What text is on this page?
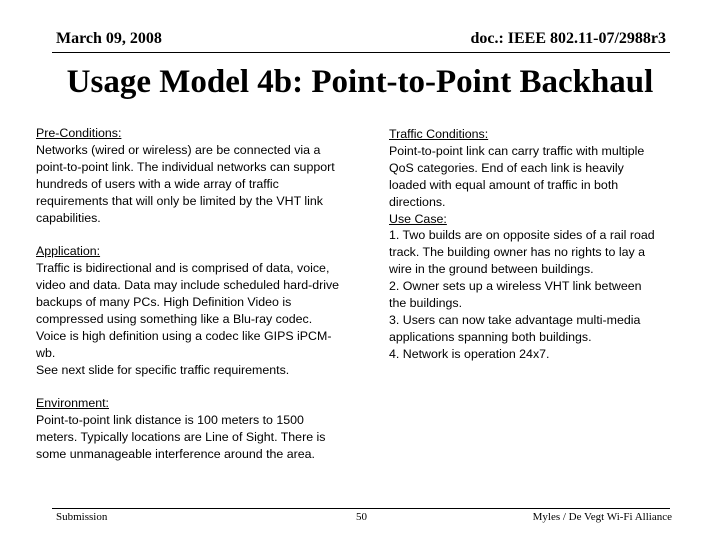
March 09, 2008	doc.: IEEE 802.11-07/2988r3
Usage Model 4b: Point-to-Point Backhaul
Pre-Conditions:
Networks (wired or wireless) are be connected via a
point-to-point link. The individual networks can support
hundreds of users with a wide array of traffic
requirements that will only be limited by the VHT link
capabilities.
Application:
Traffic is bidirectional and is comprised of data, voice,
video and data. Data may include scheduled hard-drive
backups of many PCs. High Definition Video is
compressed using something like a Blu-ray codec.
Voice is high definition using a codec like GIPS iPCM-
wb.
See next slide for specific traffic requirements.
Environment:
Point-to-point link distance is 100 meters to 1500
meters. Typically locations are Line of Sight. There is
some unmanageable interference around the area.
Traffic Conditions:
Point-to-point link can carry traffic with multiple
QoS categories. End of each link is heavily
loaded with equal amount of traffic in both
directions.
Use Case:
1. Two builds are on opposite sides of a rail road
track. The building owner has no rights to lay a
wire in the ground between buildings.
2. Owner sets up a wireless VHT link between
the buildings.
3. Users can now take advantage multi-media
applications spanning both buildings.
4. Network is operation 24x7.
Submission	50	Myles / De Vegt Wi-Fi Alliance
